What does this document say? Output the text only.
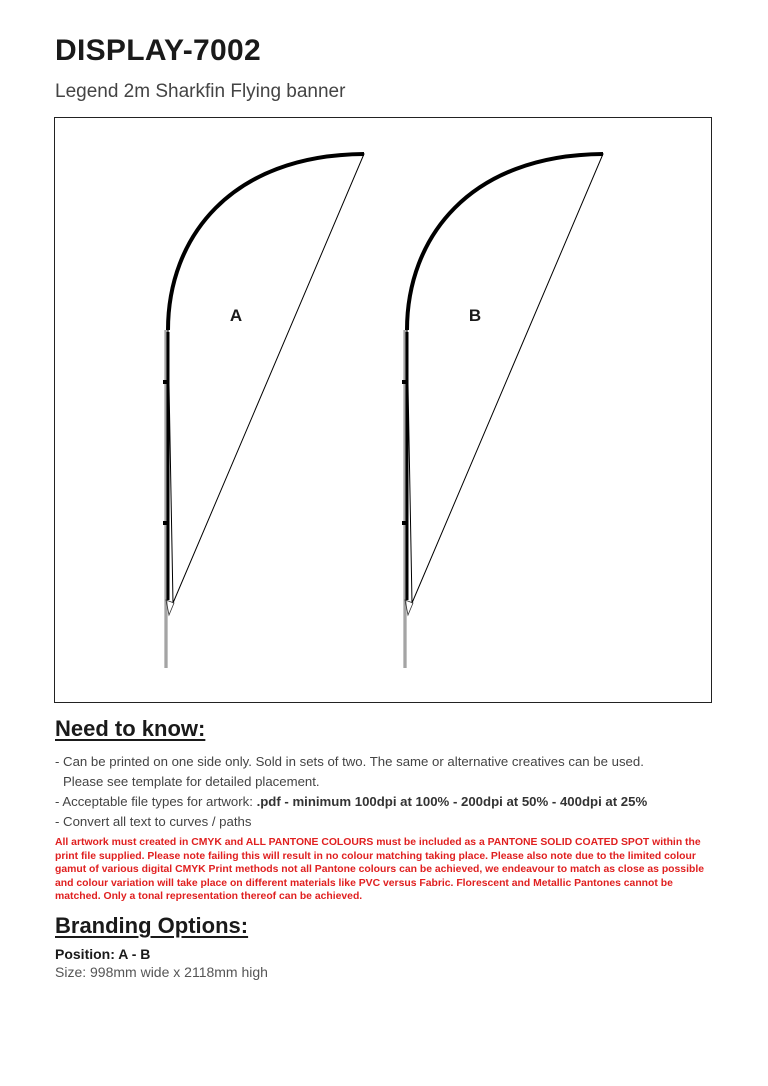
DISPLAY-7002

Legend 2m Sharkfin Flying banner

A	B
Need to know:
- Can be printed on one side only. Sold in sets of two. The same or alternative creatives can be used.
Please see template for detailed placement.
- Acceptable file types for artwork: .pdf - minimum 100dpi at 100% - 200dpi at 50% - 400dpi at 25%
- Convert all text to curves / paths
All artwork must created in CMYK and ALL PANTONE COLOURS must be included as a PANTONE SOLID COATED SPOT within the print file supplied. Please note failing this will result in no colour matching taking place. Please also note due to the limited colour gamut of various digital CMYK Print methods not all Pantone colours can be achieved, we endeavour to match as close as possible and colour variation will take place on different materials like PVC versus Fabric. Florescent and Metallic Pantones cannot be matched. Only a tonal representation thereof can be achieved.
Branding Options:
Position: A - B
Size: 998mm wide x 2118mm high
